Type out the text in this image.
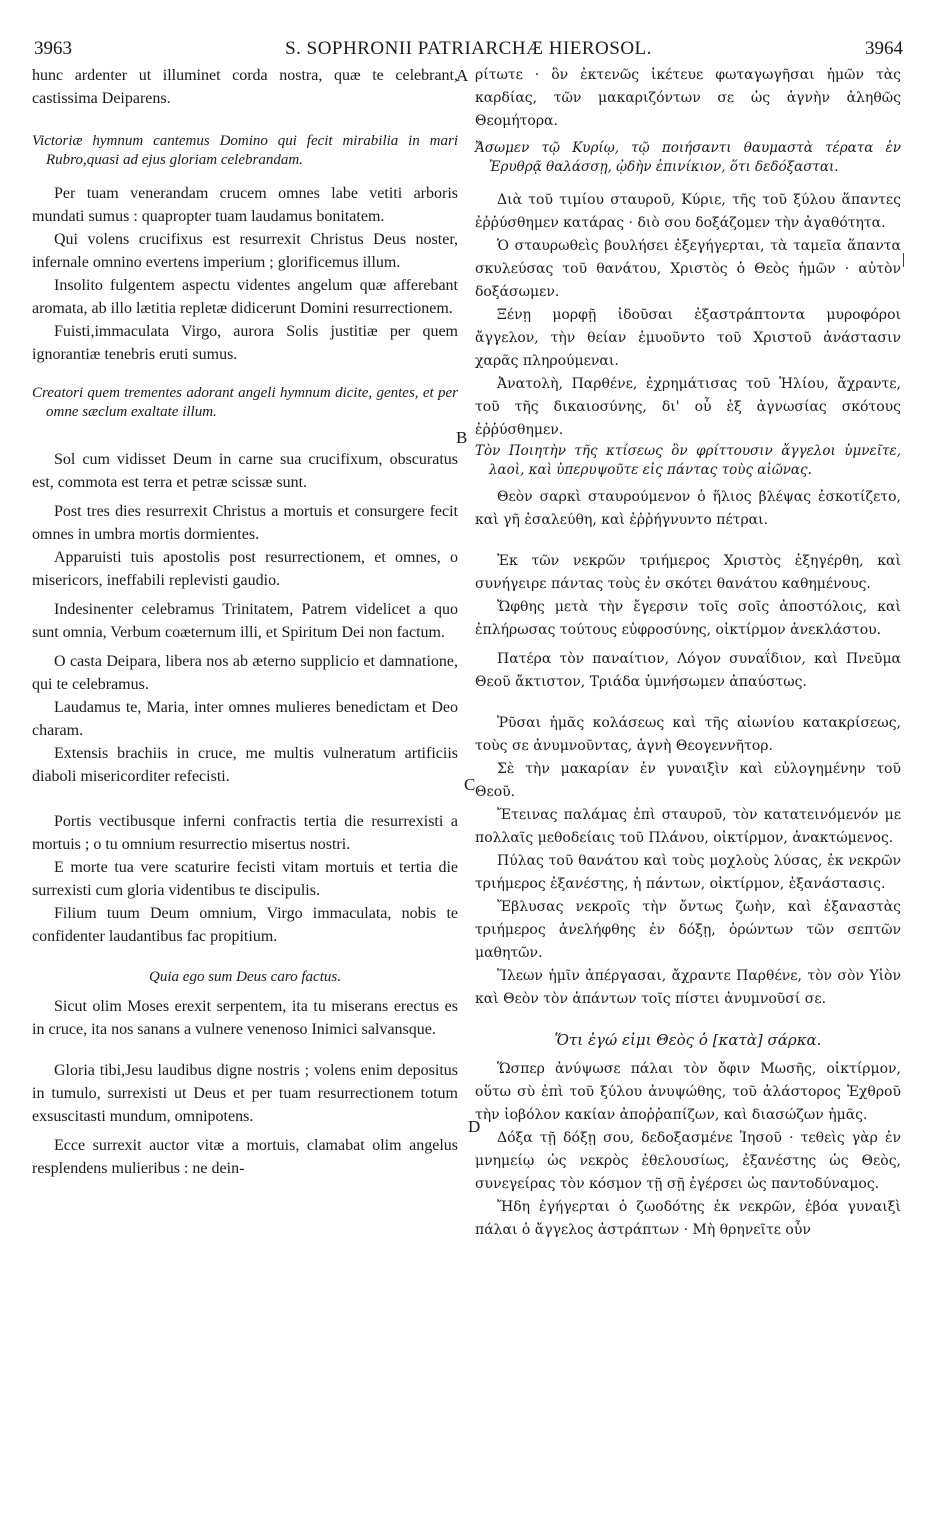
S. SOPHRONII PATRIARCHÆ HIEROSOL.
3963	3964
A
B
C
D

hunc ardenter ut illuminet corda nostra, quæ te celebrant, castissima Deiparens.

Victoriæ hymnum cantemus Domino qui fecit mirabilia in mari Rubro,quasi ad ejus gloriam celebrandam.

Per tuam venerandam crucem omnes labe vetiti arboris mundati sumus : quapropter tuam laudamus bonitatem.

Qui volens crucifixus est resurrexit Christus Deus noster, infernale omnino evertens imperium ; glorificemus illum.

Insolito fulgentem aspectu videntes angelum quæ afferebant aromata, ab illo lætitia repletæ didicerunt Domini resurrectionem.

Fuisti,immaculata Virgo, aurora Solis justitiæ per quem ignorantiæ tenebris eruti sumus.

Creatori quem trementes adorant angeli hymnum dicite, gentes, et per omne sæclum exaltate illum.

Sol cum vidisset Deum in carne sua crucifixum, obscuratus est, commota est terra et petræ scissæ sunt.

Post tres dies resurrexit Christus a mortuis et consurgere fecit omnes in umbra mortis dormientes.

Apparuisti tuis apostolis post resurrectionem, et omnes, o misericors, ineffabili replevisti gaudio.

Indesinenter celebramus Trinitatem, Patrem videlicet a quo sunt omnia, Verbum coæternum illi, et Spiritum Dei non factum.

O casta Deipara, libera nos ab æterno supplicio et damnatione, qui te celebramus.

Laudamus te, Maria, inter omnes mulieres benedictam et Deo charam.

Extensis brachiis in cruce, me multis vulneratum artificiis diaboli misericorditer refecisti.

Portis vectibusque inferni confractis tertia die resurrexisti a mortuis ; o tu omnium resurrectio misertus nostri.

E morte tua vere scaturire fecisti vitam mortuis et tertia die surrexisti cum gloria videntibus te discipulis.

Filium tuum Deum omnium, Virgo immaculata, nobis te confidenter laudantibus fac propitium.

Quia ego sum Deus caro factus.

Sicut olim Moses erexit serpentem, ita tu miserans erectus es in cruce, ita nos sanans a vulnere venenoso Inimici salvansque.

Gloria tibi,Jesu laudibus digne nostris ; volens enim depositus in tumulo, surrexisti ut Deus et per tuam resurrectionem totum exsuscitasti mundum, omnipotens.

Ecce surrexit auctor vitæ a mortuis, clamabat olim angelus resplendens mulieribus : ne dein-

ρίτωτε · ὃν ἐκτενῶς ἱκέτευε φωταγωγῆσαι ἡμῶν τὰς καρδίας, τῶν μακαριζόντων σε ὡς ἁγνὴν ἀληθῶς Θεομήτορα.

Ἄσωμεν τῷ Κυρίῳ, τῷ ποιήσαντι θαυμαστὰ τέρατα ἐν Ἐρυθρᾷ θαλάσσῃ, ᾠδὴν ἐπινίκιον, ὅτι δεδόξασται.

Διὰ τοῦ τιμίου σταυροῦ, Κύριε, τῆς τοῦ ξύλου ἅπαντες ἐῤῥύσθημεν κατάρας · διὸ σου δοξάζομεν τὴν ἀγαθότητα.

Ὁ σταυρωθεὶς βουλήσει ἐξεγήγερται, τὰ ταμεῖα ἅπαντα σκυλεύσας τοῦ θανάτου, Χριστὸς ὁ Θεὸς ἡμῶν · αὐτὸν δοξάσωμεν.

Ξένῃ μορφῇ ἰδοῦσαι ἐξαστράπτοντα μυροφόροι ἄγγελον, τὴν θείαν ἐμυοῦντο τοῦ Χριστοῦ ἀνάστασιν χαρᾶς πληρούμεναι.

Ἀνατολὴ, Παρθένε, ἐχρημάτισας τοῦ Ἡλίου, ἄχραντε, τοῦ τῆς δικαιοσύνης, δι' οὗ ἐξ ἀγνωσίας σκότους ἐῤῥύσθημεν.

Τὸν Ποιητὴν τῆς κτίσεως ὃν φρίττουσιν ἄγγελοι ὑμνεῖτε, λαοὶ, καὶ ὑπερυψοῦτε εἰς πάντας τοὺς αἰῶνας.

Θεὸν σαρκὶ σταυρούμενον ὁ ἥλιος βλέψας ἐσκοτίζετο, καὶ γῆ ἐσαλεύθη, καὶ ἐῤῥήγνυντο πέτραι.

Ἐκ τῶν νεκρῶν τριήμερος Χριστὸς ἐξηγέρθη, καὶ συνήγειρε πάντας τοὺς ἐν σκότει θανάτου καθημένους.

Ὤφθης μετὰ τὴν ἔγερσιν τοῖς σοῖς ἀποστόλοις, καὶ ἐπλήρωσας τούτους εὐφροσύνης, οἰκτίρμον ἀνεκλάστου.

Πατέρα τὸν παναίτιον, Λόγον συναΐδιον, καὶ Πνεῦμα Θεοῦ ἄκτιστον, Τριάδα ὑμνήσωμεν ἀπαύστως.

Ῥῦσαι ἡμᾶς κολάσεως καὶ τῆς αἰωνίου κατακρίσεως, τοὺς σε ἀνυμνοῦντας, ἁγνὴ Θεογεννῆτορ.

Σὲ τὴν μακαρίαν ἐν γυναιξὶν καὶ εὐλογημένην τοῦ Θεοῦ.

Ἔτεινας παλάμας ἐπὶ σταυροῦ, τὸν κατατεινόμενόν με πολλαῖς μεθοδείαις τοῦ Πλάνου, οἰκτίρμον, ἀνακτώμενος.

Πύλας τοῦ θανάτου καὶ τοὺς μοχλοὺς λύσας, ἐκ νεκρῶν τριήμερος ἐξανέστης, ἡ πάντων, οἰκτίρμον, ἐξανάστασις.

Ἔβλυσας νεκροῖς τὴν ὄντως ζωὴν, καὶ ἐξαναστὰς τριήμερος ἀνελήφθης ἐν δόξῃ, ὁρώντων τῶν σεπτῶν μαθητῶν.

Ἵλεων ἡμῖν ἀπέργασαι, ἄχραντε Παρθένε, τὸν σὸν Υἱὸν καὶ Θεὸν τὸν ἁπάντων τοῖς πίστει ἀνυμνοῦσί σε.

Ὅτι ἐγώ εἰμι Θεὸς ὁ [κατὰ] σάρκα.

Ὥσπερ ἀνύψωσε πάλαι τὸν ὄφιν Μωσῆς, οἰκτίρμον, οὕτω σὺ ἐπὶ τοῦ ξύλου ἀνυψώθης, τοῦ ἀλάστορος Ἐχθροῦ τὴν ἰοβόλον κακίαν ἀποῤῥαπίζων, καὶ διασώζων ἡμᾶς.

Δόξα τῇ δόξῃ σου, δεδοξασμένε Ἰησοῦ · τεθεὶς γὰρ ἐν μνημείῳ ὡς νεκρὸς ἐθελουσίως, ἐξανέστης ὡς Θεὸς, συνεγείρας τὸν κόσμον τῇ σῇ ἐγέρσει ὡς παντοδύναμος.

Ἤδη ἐγήγερται ὁ ζωοδότης ἐκ νεκρῶν, ἐβόα γυναιξὶ πάλαι ὁ ἄγγελος ἀστράπτων · Μὴ θρηνεῖτε οὖν
